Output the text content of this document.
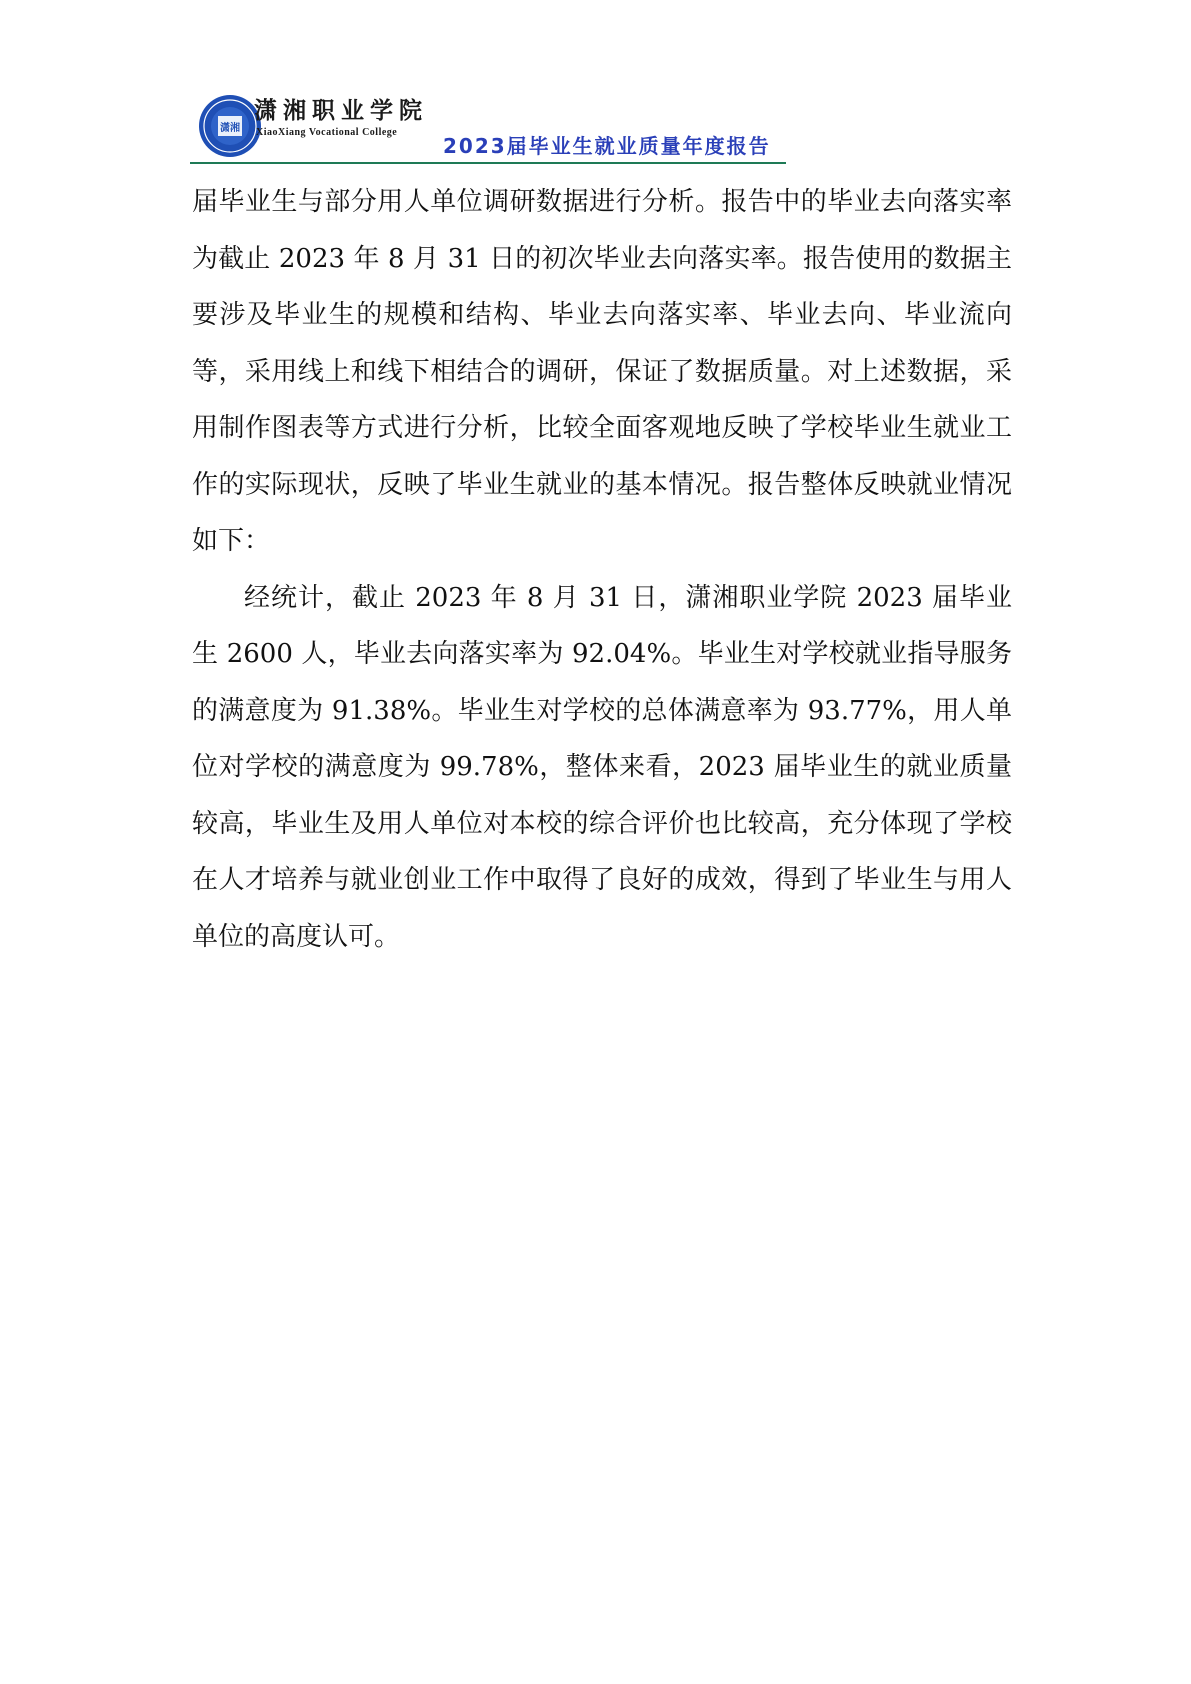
潇湘
潇湘职业学院
XiaoXiang Vocational College
2023届毕业生就业质量年度报告

届毕业生与部分用人单位调研数据进行分析。报告中的毕业去向落实率为截止 2023 年 8 月 31 日的初次毕业去向落实率。报告使用的数据主要涉及毕业生的规模和结构、毕业去向落实率、毕业去向、毕业流向等，采用线上和线下相结合的调研，保证了数据质量。对上述数据，采用制作图表等方式进行分析，比较全面客观地反映了学校毕业生就业工作的实际现状，反映了毕业生就业的基本情况。报告整体反映就业情况如下：

经统计，截止 2023 年 8 月 31 日，潇湘职业学院 2023 届毕业生 2600 人，毕业去向落实率为 92.04%。毕业生对学校就业指导服务的满意度为 91.38%。毕业生对学校的总体满意率为 93.77%，用人单位对学校的满意度为 99.78%，整体来看，2023 届毕业生的就业质量较高，毕业生及用人单位对本校的综合评价也比较高，充分体现了学校在人才培养与就业创业工作中取得了良好的成效，得到了毕业生与用人单位的高度认可。
